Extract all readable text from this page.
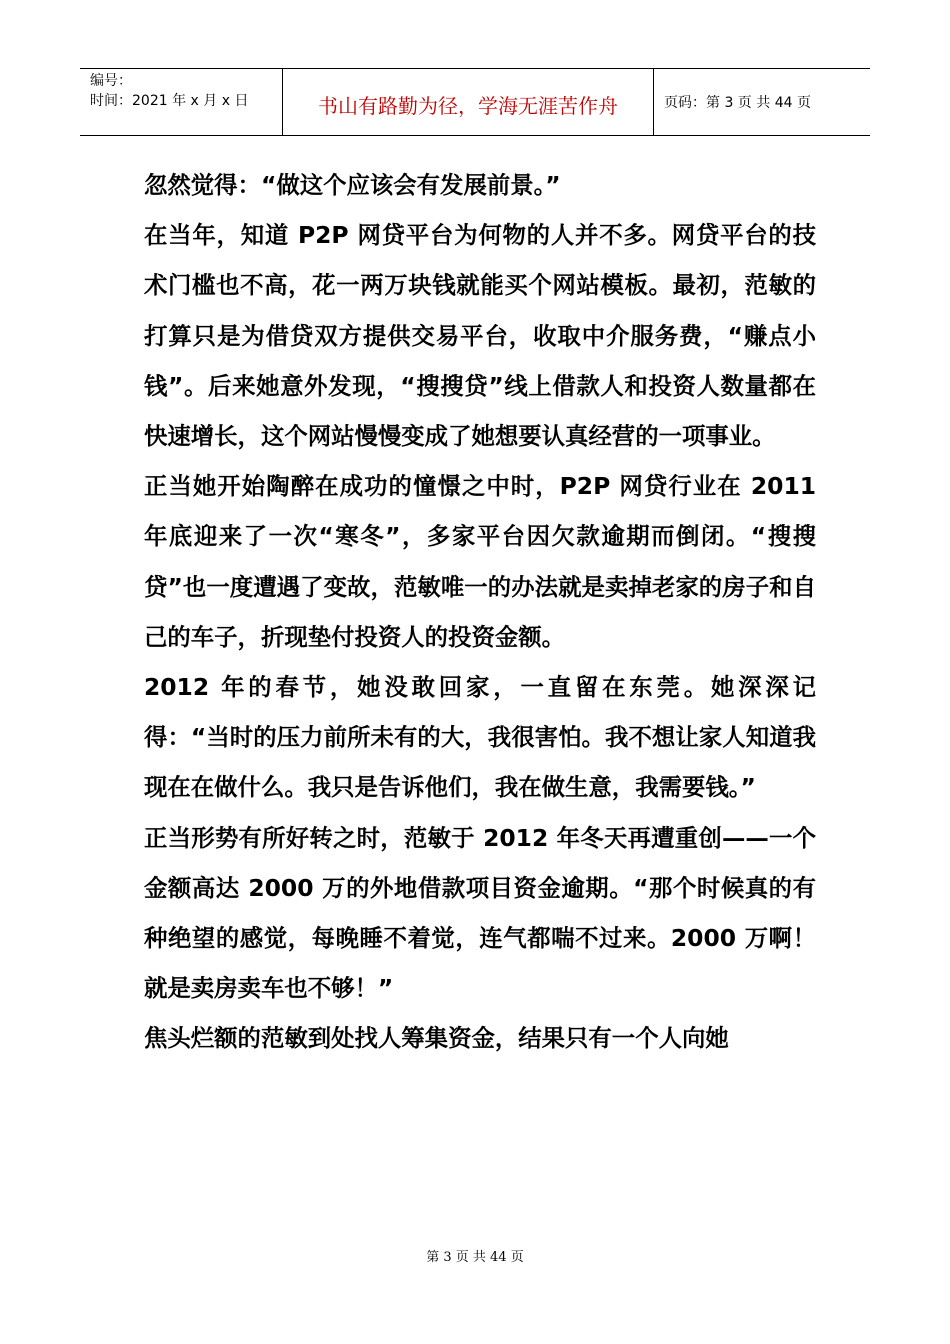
编号：
时间：2021 年 x 月 x 日	书山有路勤为径，学海无涯苦作舟	页码：第 3 页 共 44 页

忽然觉得：“做这个应该会有发展前景。”

在当年，知道 P2P 网贷平台为何物的人并不多。网贷平台的技术门槛也不高，花一两万块钱就能买个网站模板。最初，范敏的打算只是为借贷双方提供交易平台，收取中介服务费，“赚点小钱”。后来她意外发现，“搜搜贷”线上借款人和投资人数量都在快速增长，这个网站慢慢变成了她想要认真经营的一项事业。

正当她开始陶醉在成功的憧憬之中时，P2P 网贷行业在 2011 年底迎来了一次“寒冬”，多家平台因欠款逾期而倒闭。“搜搜贷”也一度遭遇了变故，范敏唯一的办法就是卖掉老家的房子和自己的车子，折现垫付投资人的投资金额。

2012 年的春节，她没敢回家，一直留在东莞。她深深记得：“当时的压力前所未有的大，我很害怕。我不想让家人知道我现在在做什么。我只是告诉他们，我在做生意，我需要钱。”

正当形势有所好转之时，范敏于 2012 年冬天再遭重创——一个金额高达 2000 万的外地借款项目资金逾期。“那个时候真的有种绝望的感觉，每晚睡不着觉，连气都喘不过来。2000 万啊！就是卖房卖车也不够！”

焦头烂额的范敏到处找人筹集资金，结果只有一个人向她

第 3 页 共 44 页
